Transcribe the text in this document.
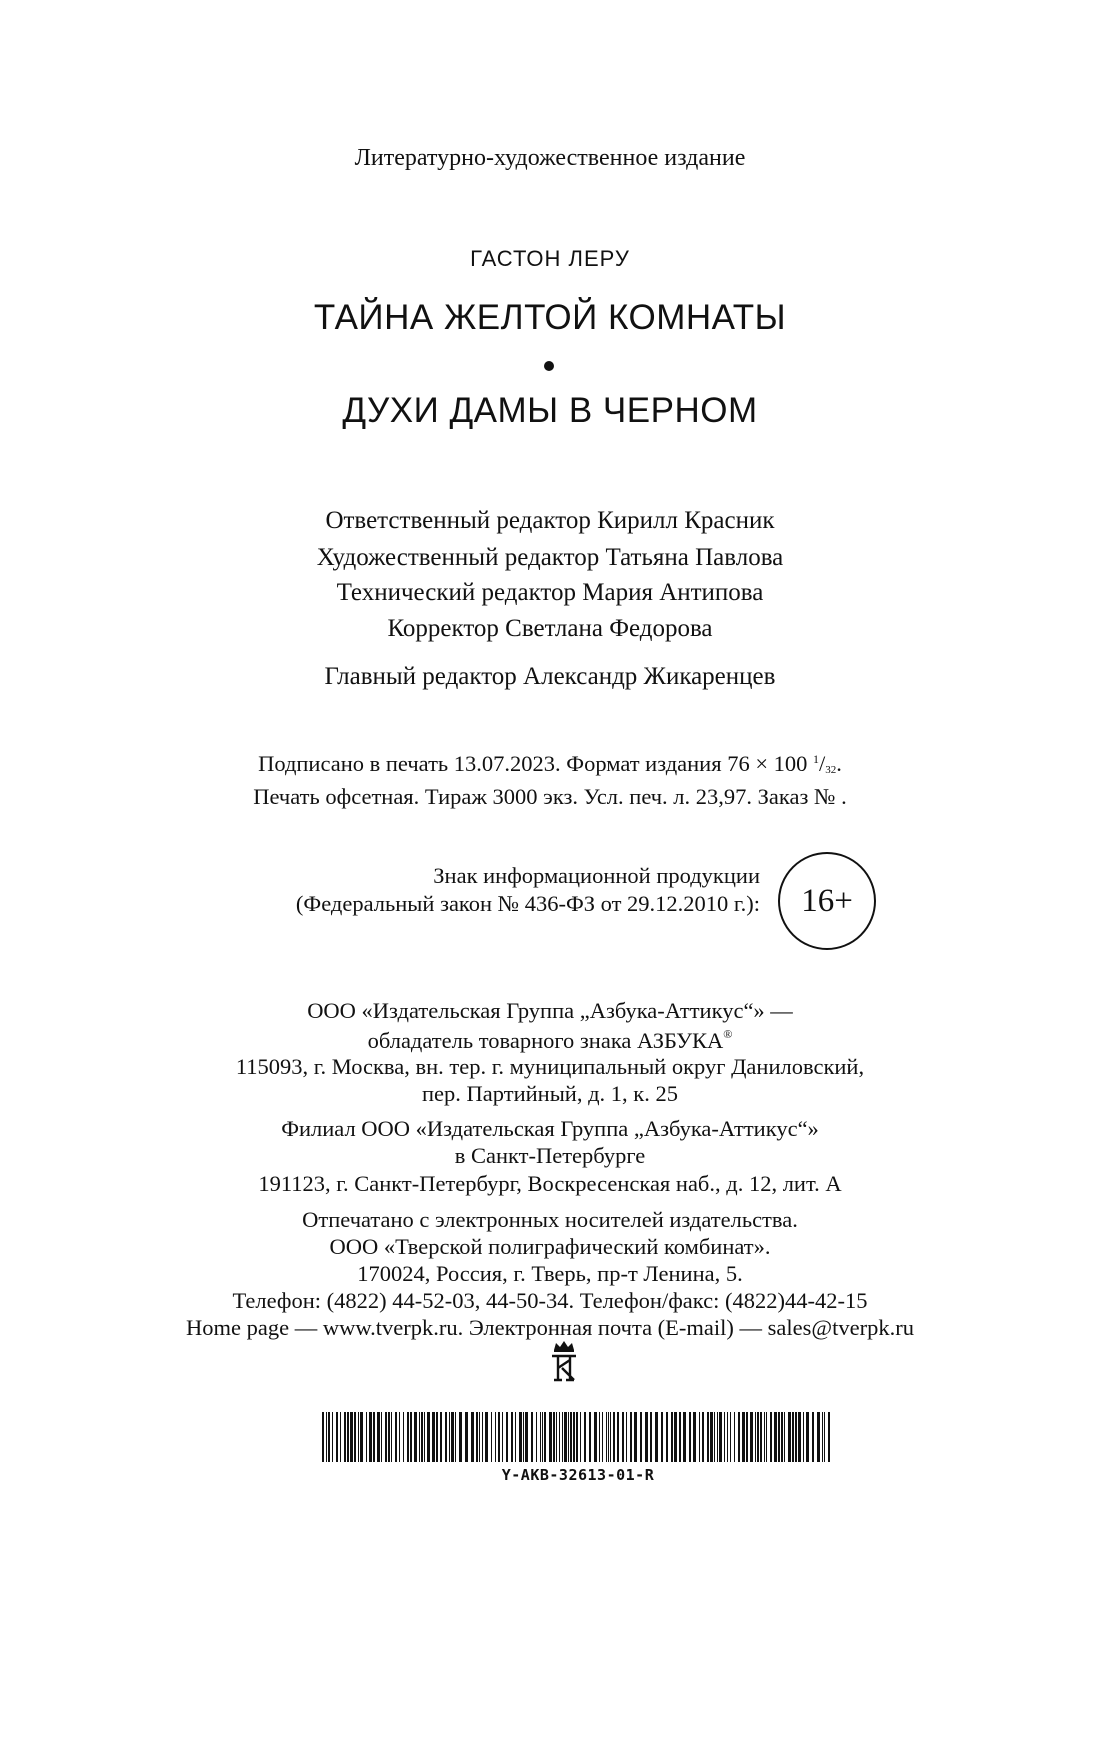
Литературно-художественное издание
ГАСТОН ЛЕРУ
ТАЙНА ЖЕЛТОЙ КОМНАТЫ
ДУХИ ДАМЫ В ЧЕРНОМ
Ответственный редактор Кирилл Красник
Художественный редактор Татьяна Павлова
Технический редактор Мария Антипова
Корректор Светлана Федорова
Главный редактор Александр Жикаренцев
Подписано в печать 13.07.2023. Формат издания 76 × 100 $^1/_{32}$.
Печать офсетная. Тираж 3000 экз. Усл. печ. л. 23,97. Заказ № .
Знак информационной продукции
(Федеральный закон № 436-ФЗ от 29.12.2010 г.): 16+
ООО «Издательская Группа „Азбука-Аттикус“» —
обладатель товарного знака АЗБУКА®
115093, г. Москва, вн. тер. г. муниципальный округ Даниловский,
пер. Партийный, д. 1, к. 25
Филиал ООО «Издательская Группа „Азбука-Аттикус“»
в Санкт-Петербурге
191123, г. Санкт-Петербург, Воскресенская наб., д. 12, лит. А
Отпечатано с электронных носителей издательства.
ООО «Тверской полиграфический комбинат».
170024, Россия, г. Тверь, пр-т Ленина, 5.
Телефон: (4822) 44-52-03, 44-50-34. Телефон/факс: (4822)44-42-15
Home page — www.tverpk.ru. Электронная почта (E-mail) — sales@tverpk.ru
Y-AKB-32613-01-R
